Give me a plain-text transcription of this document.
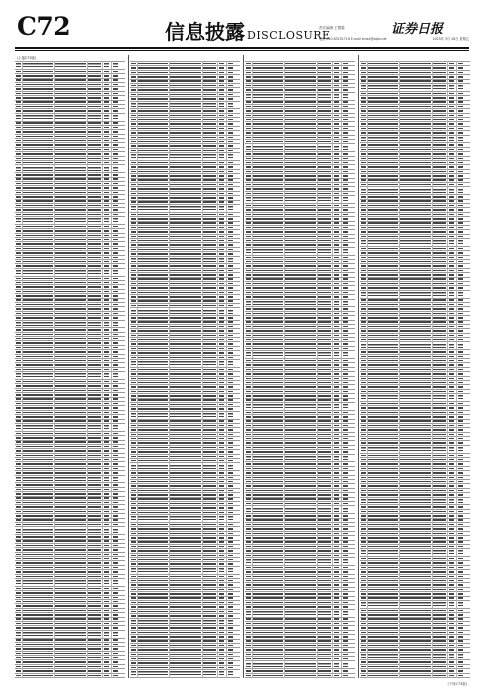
C72	信息披露 DISCLOSURE
责任编辑 王黎黎
电话 010-83251716 E-mail zmzx@zqrb.net
证券日报
2025年 3月 28日 星期五
(上接C71版)
(下转C73版)
